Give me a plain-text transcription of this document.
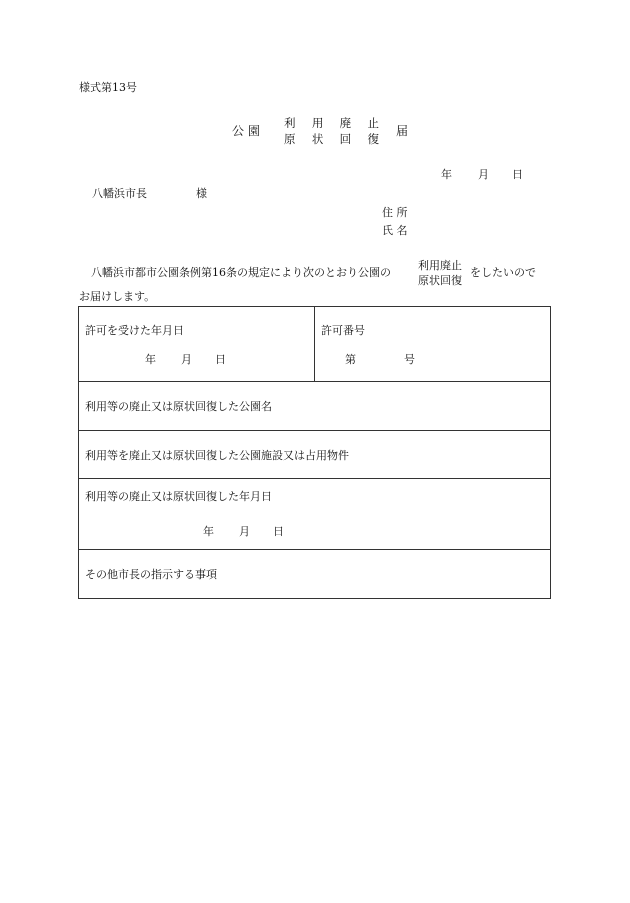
様式第13号
公 園
利 用 廃 止
原 状 回 復
届
年 月 日
八幡浜市長	様
住 所
氏 名
八幡浜市都市公園条例第16条の規定により次のとおり公園の
利用廃止
原状回復
をしたいので
お届けします。
許可を受けた年月日
年 月 日

許可番号
第	号

利用等の廃止又は原状回復した公園名

利用等を廃止又は原状回復した公園施設又は占用物件

利用等の廃止又は原状回復した年月日
年 月 日

その他市長の指示する事項
